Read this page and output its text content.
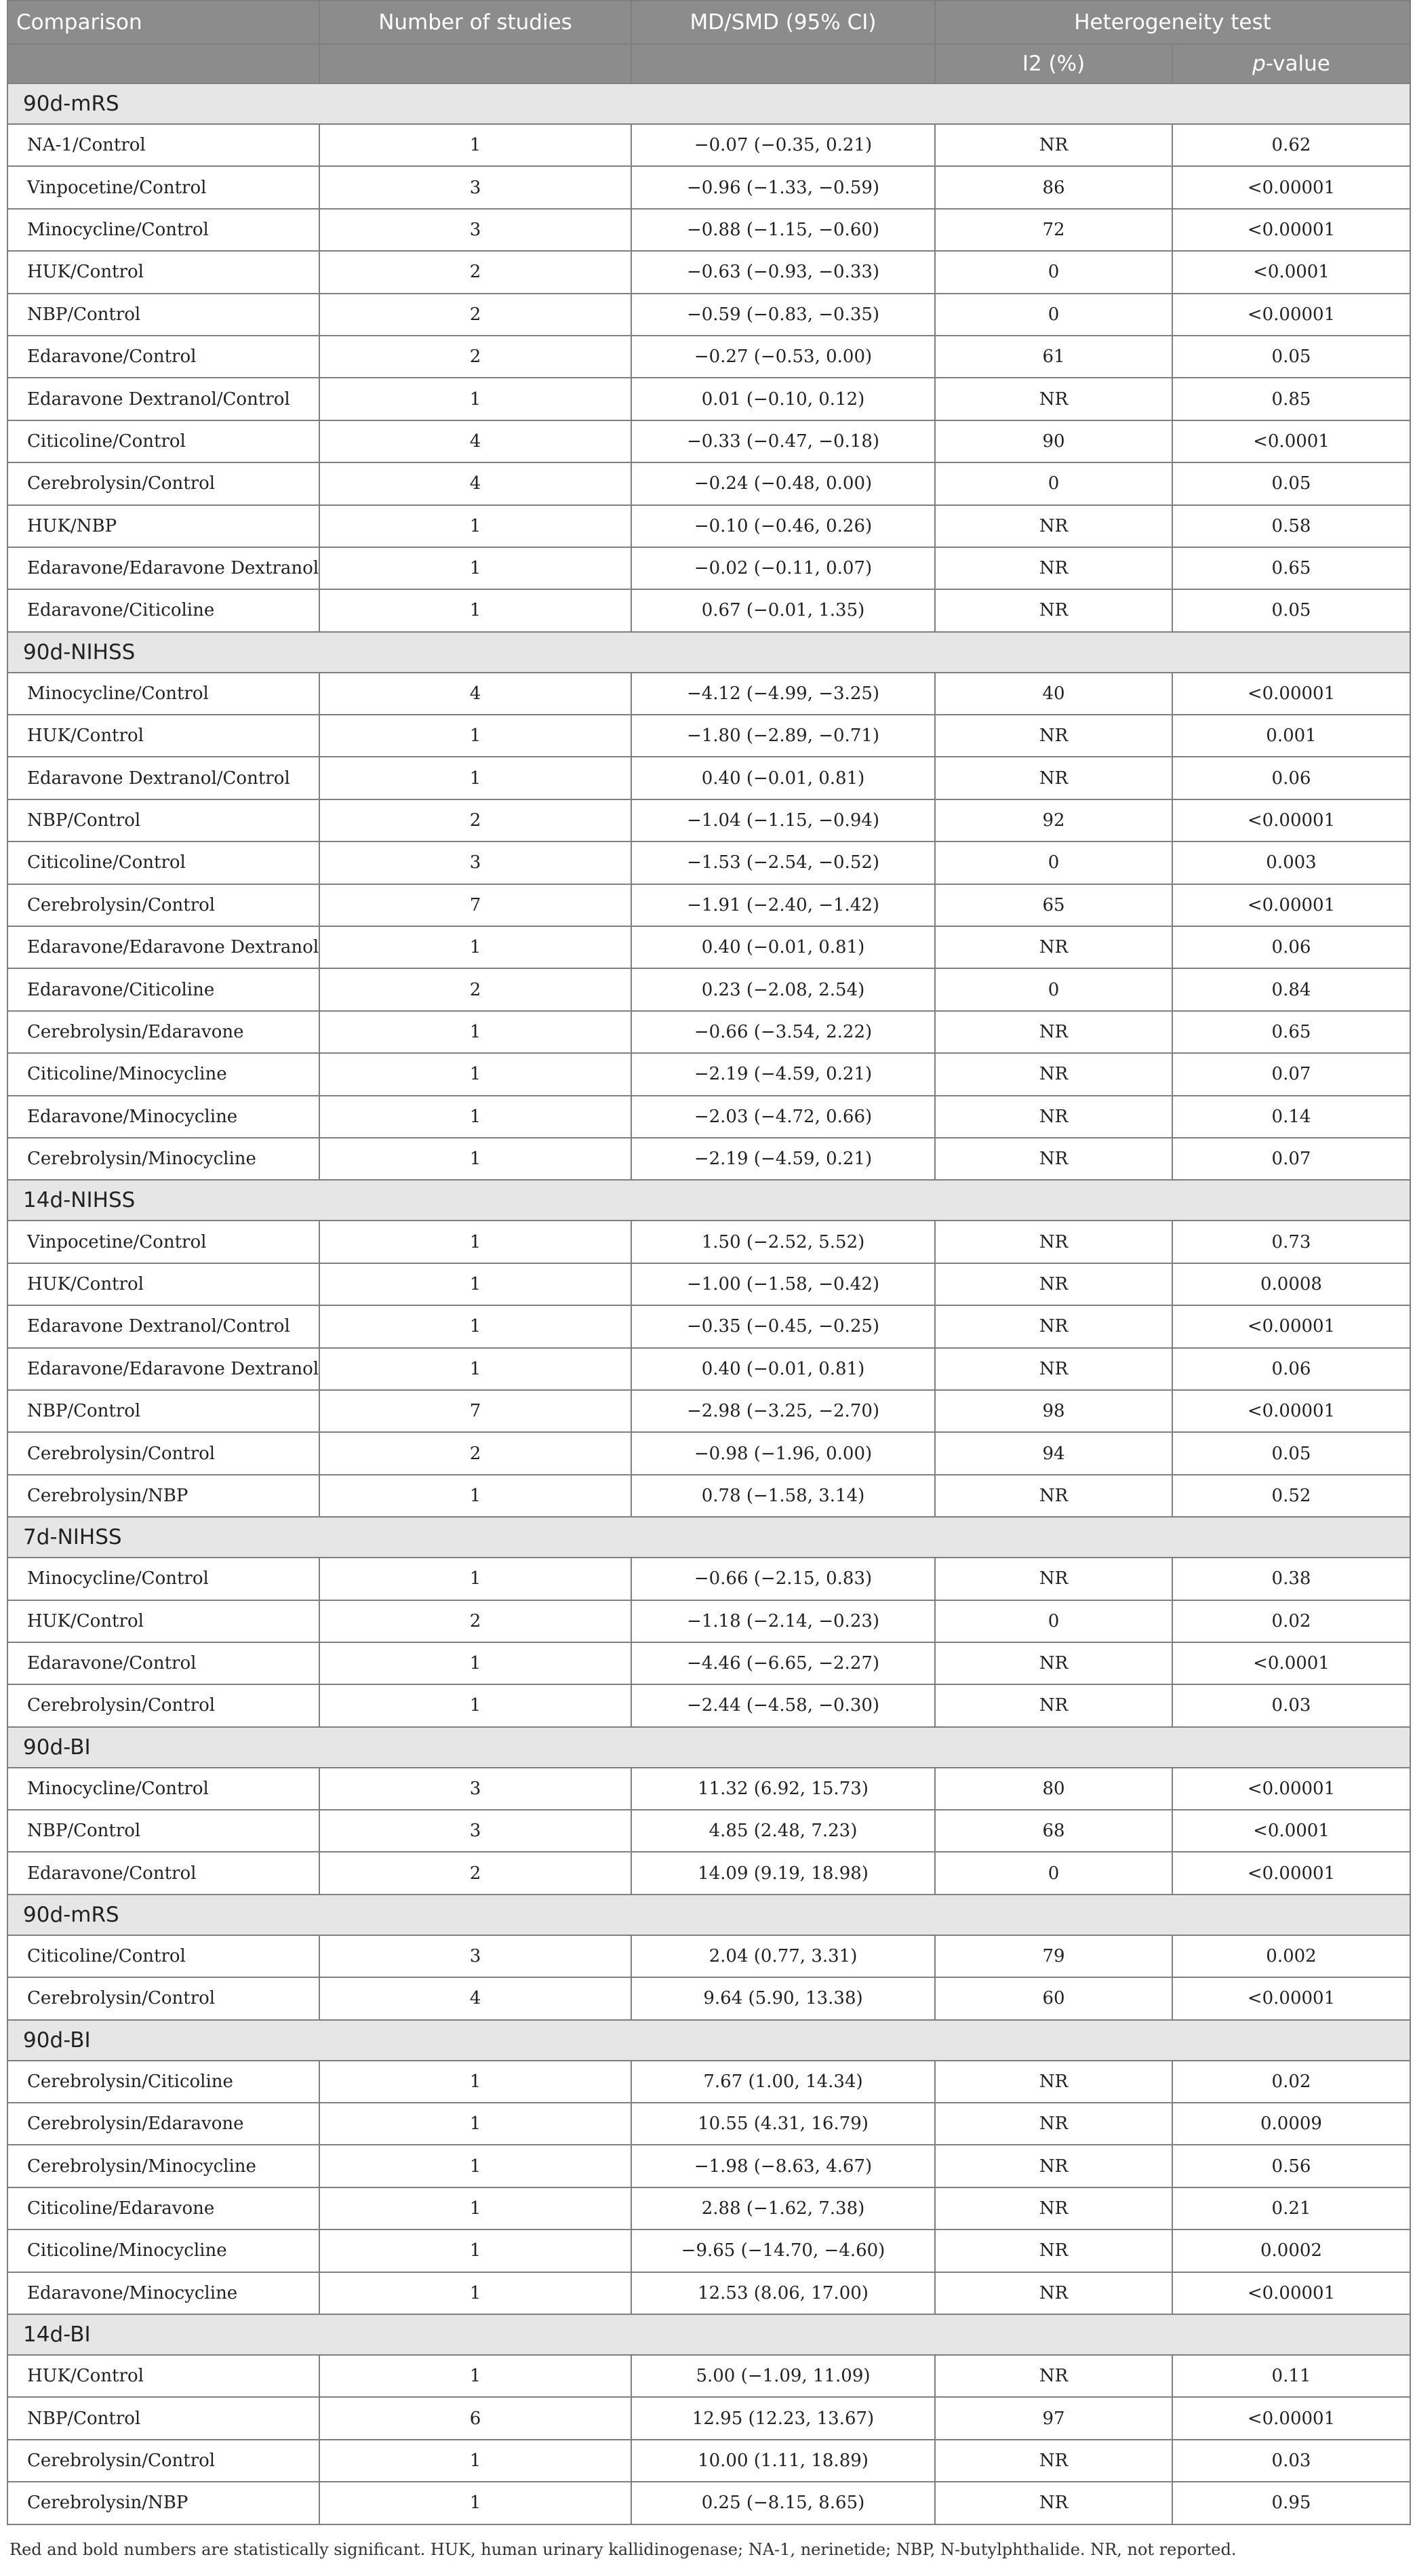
Comparison	Number of studies	MD/SMD (95% CI)	Heterogeneity test	
			I2 (%)	p-value
90d-mRS				
NA-1/Control	1	−0.07 (−0.35, 0.21)	NR	0.62
Vinpocetine/Control	3	−0.96 (−1.33, −0.59)	86	<0.00001
Minocycline/Control	3	−0.88 (−1.15, −0.60)	72	<0.00001
HUK/Control	2	−0.63 (−0.93, −0.33)	0	<0.0001
NBP/Control	2	−0.59 (−0.83, −0.35)	0	<0.00001
Edaravone/Control	2	−0.27 (−0.53, 0.00)	61	0.05
Edaravone Dextranol/Control	1	0.01 (−0.10, 0.12)	NR	0.85
Citicoline/Control	4	−0.33 (−0.47, −0.18)	90	<0.0001
Cerebrolysin/Control	4	−0.24 (−0.48, 0.00)	0	0.05
HUK/NBP	1	−0.10 (−0.46, 0.26)	NR	0.58
Edaravone/Edaravone Dextranol	1	−0.02 (−0.11, 0.07)	NR	0.65
Edaravone/Citicoline	1	0.67 (−0.01, 1.35)	NR	0.05
90d-NIHSS				
Minocycline/Control	4	−4.12 (−4.99, −3.25)	40	<0.00001
HUK/Control	1	−1.80 (−2.89, −0.71)	NR	0.001
Edaravone Dextranol/Control	1	0.40 (−0.01, 0.81)	NR	0.06
NBP/Control	2	−1.04 (−1.15, −0.94)	92	<0.00001
Citicoline/Control	3	−1.53 (−2.54, −0.52)	0	0.003
Cerebrolysin/Control	7	−1.91 (−2.40, −1.42)	65	<0.00001
Edaravone/Edaravone Dextranol	1	0.40 (−0.01, 0.81)	NR	0.06
Edaravone/Citicoline	2	0.23 (−2.08, 2.54)	0	0.84
Cerebrolysin/Edaravone	1	−0.66 (−3.54, 2.22)	NR	0.65
Citicoline/Minocycline	1	−2.19 (−4.59, 0.21)	NR	0.07
Edaravone/Minocycline	1	−2.03 (−4.72, 0.66)	NR	0.14
Cerebrolysin/Minocycline	1	−2.19 (−4.59, 0.21)	NR	0.07
14d-NIHSS				
Vinpocetine/Control	1	1.50 (−2.52, 5.52)	NR	0.73
HUK/Control	1	−1.00 (−1.58, −0.42)	NR	0.0008
Edaravone Dextranol/Control	1	−0.35 (−0.45, −0.25)	NR	<0.00001
Edaravone/Edaravone Dextranol	1	0.40 (−0.01, 0.81)	NR	0.06
NBP/Control	7	−2.98 (−3.25, −2.70)	98	<0.00001
Cerebrolysin/Control	2	−0.98 (−1.96, 0.00)	94	0.05
Cerebrolysin/NBP	1	0.78 (−1.58, 3.14)	NR	0.52
7d-NIHSS				
Minocycline/Control	1	−0.66 (−2.15, 0.83)	NR	0.38
HUK/Control	2	−1.18 (−2.14, −0.23)	0	0.02
Edaravone/Control	1	−4.46 (−6.65, −2.27)	NR	<0.0001
Cerebrolysin/Control	1	−2.44 (−4.58, −0.30)	NR	0.03
90d-BI				
Minocycline/Control	3	11.32 (6.92, 15.73)	80	<0.00001
NBP/Control	3	4.85 (2.48, 7.23)	68	<0.0001
Edaravone/Control	2	14.09 (9.19, 18.98)	0	<0.00001
90d-mRS				
Citicoline/Control	3	2.04 (0.77, 3.31)	79	0.002
Cerebrolysin/Control	4	9.64 (5.90, 13.38)	60	<0.00001
90d-BI				
Cerebrolysin/Citicoline	1	7.67 (1.00, 14.34)	NR	0.02
Cerebrolysin/Edaravone	1	10.55 (4.31, 16.79)	NR	0.0009
Cerebrolysin/Minocycline	1	−1.98 (−8.63, 4.67)	NR	0.56
Citicoline/Edaravone	1	2.88 (−1.62, 7.38)	NR	0.21
Citicoline/Minocycline	1	−9.65 (−14.70, −4.60)	NR	0.0002
Edaravone/Minocycline	1	12.53 (8.06, 17.00)	NR	<0.00001
14d-BI				
HUK/Control	1	5.00 (−1.09, 11.09)	NR	0.11
NBP/Control	6	12.95 (12.23, 13.67)	97	<0.00001
Cerebrolysin/Control	1	10.00 (1.11, 18.89)	NR	0.03
Cerebrolysin/NBP	1	0.25 (−8.15, 8.65)	NR	0.95
Red and bold numbers are statistically significant. HUK, human urinary kallidinogenase; NA-1, nerinetide; NBP, N-butylphthalide. NR, not reported.
